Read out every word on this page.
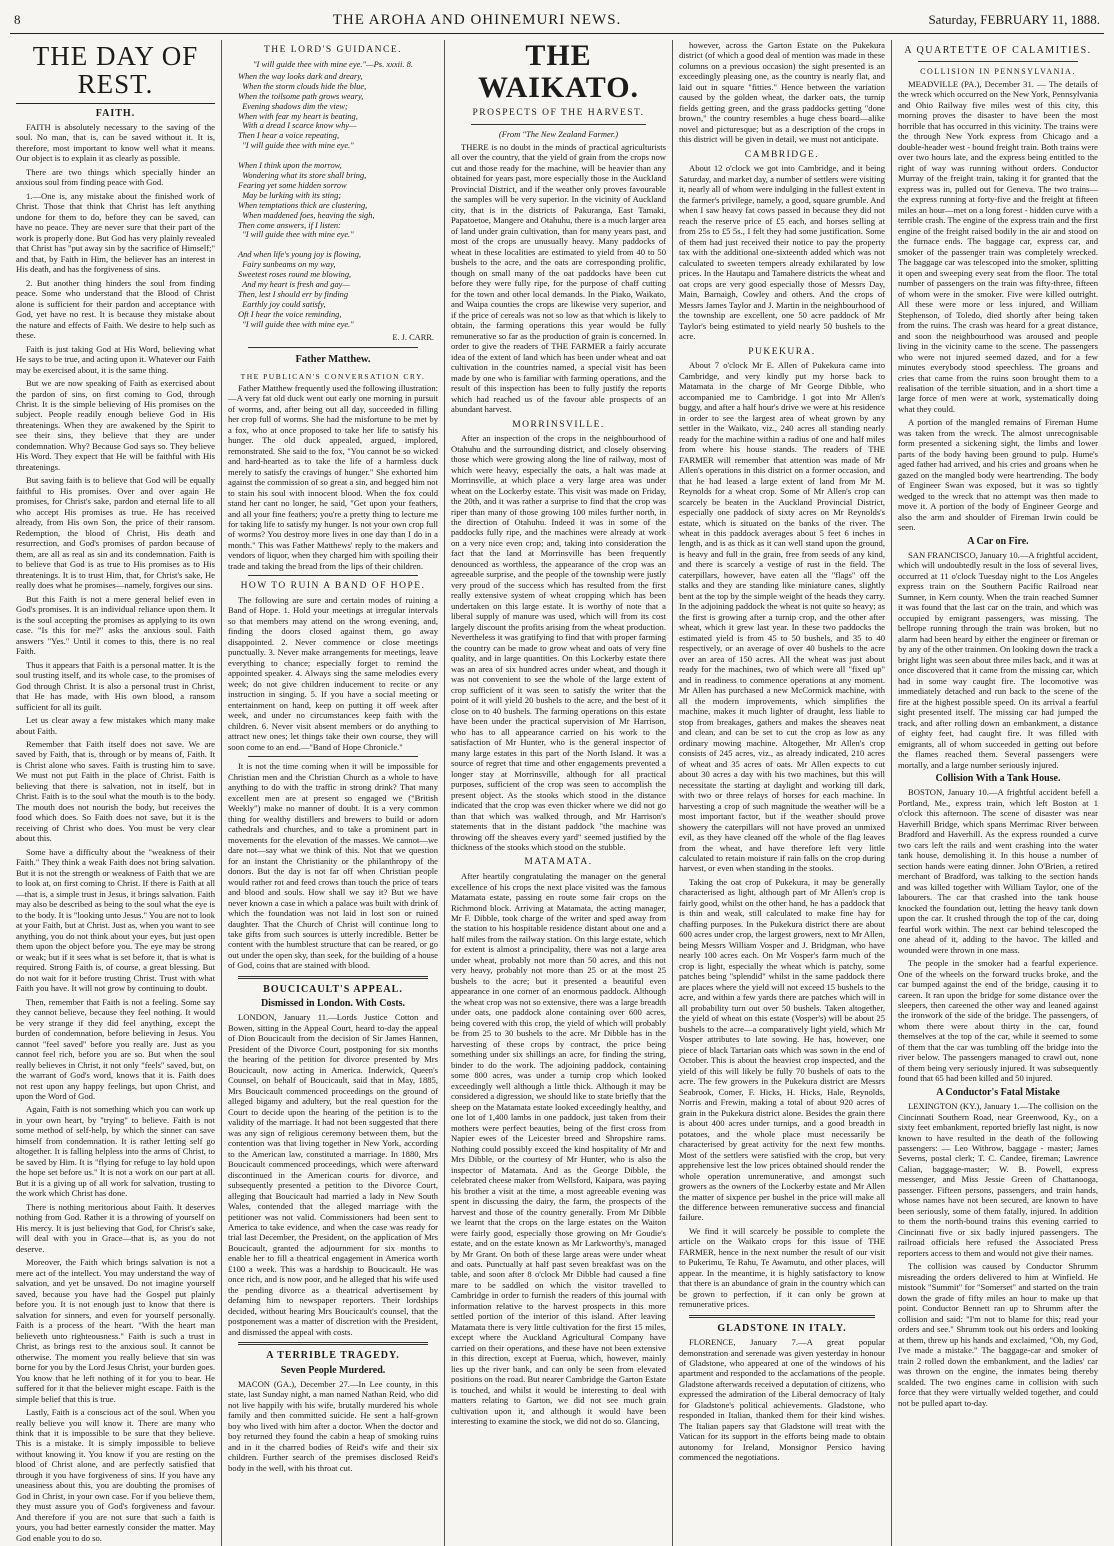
8	THE AROHA AND OHINEMURI NEWS.	Saturday, FEBRUARY 11, 1888.
THE DAY OF REST.
FAITH.

FAITH is absolutely necessary to the saving of the soul. No man, that is, can be saved without it. It is, therefore, most important to know well what it means. Our object is to explain it as clearly as possible.

There are two things which specially hinder an anxious soul from finding peace with God.

1.—One is, any mistake about the finished work of Christ. Those that think that Christ has left anything undone for them to do, before they can be saved, can have no peace. They are never sure that their part of the work is properly done. But God has very plainly revealed that Christ has "put away sin by the sacrifice of Himself;" and that, by Faith in Him, the believer has an interest in His death, and has the forgiveness of sins.

2. But another thing hinders the soul from finding peace. Some who understand that the Blood of Christ alone is sufficient for their pardon and acceptance with God, yet have no rest. It is because they mistake about the nature and effects of Faith. We desire to help such as these.

Faith is just taking God at His Word, believing what He says to be true, and acting upon it. Whatever our Faith may be exercised about, it is the same thing.

But we are now speaking of Faith as exercised about the pardon of sins, on first coming to God, through Christ. It is the simple believing of His promises on the subject. People readily enough believe God in His threatenings. When they are awakened by the Spirit to see their sins, they believe that they are under condemnation. Why? Because God says so. They believe His Word. They expect that He will be faithful with His threatenings.

But saving faith is to believe that God will be equally faithful to His promises. Over and over again He promises, for Christ's sake, pardon and eternal life to all who accept His promises as true. He has received already, from His own Son, the price of their ransom. Redemption, the blood of Christ, His death and resurrection, and God's promises of pardon because of them, are all as real as sin and its condemnation. Faith is to believe that God is as true to His promises as to His threatenings. It is to trust Him, that, for Christ's sake, He really does what he promises—namely, forgives our sins.

But this Faith is not a mere general belief even in God's promises. It is an individual reliance upon them. It is the soul accepting the promises as applying to its own case. "Is this for me?" asks the anxious soul. Faith answers "Yes." Until it comes to this, there is no real Faith.

Thus it appears that Faith is a personal matter. It is the soul trusting itself, and its whole case, to the promises of God through Christ. It is also a personal trust in Christ, that He has made, with His own blood, a ransom sufficient for all its guilt.

Let us clear away a few mistakes which many make about Faith.

Remember that Faith itself does not save. We are saved by Faith, that is, through or by means of, Faith. It is Christ alone who saves. Faith is trusting him to save. We must not put Faith in the place of Christ. Faith is believing that there is salvation, not in itself, but in Christ. Faith is to the soul what the mouth is to the body. The mouth does not nourish the body, but receives the food which does. So Faith does not save, but it is the receiving of Christ who does. You must be very clear about this.

Some have a difficulty about the "weakness of their Faith." They think a weak Faith does not bring salvation. But it is not the strength or weakness of Faith that we are to look at, on first coming to Christ. If there is Faith at all—that is, a simple trust in Jesus, it brings salvation. Faith may also be described as being to the soul what the eye is to the body. It is "looking unto Jesus." You are not to look at your Faith, but at Christ. Just as, when you want to see anything, you do not think about your eyes, but just open them upon the object before you. The eye may be strong or weak; but if it sees what is set before it, that is what is required. Strong Faith is, of course, a great blessing. But do not wait for it before trusting Christ. Trust with what Faith you have. It will not grow by continuing to doubt.

Then, remember that Faith is not a feeling. Some say they cannot believe, because they feel nothing. It would be very strange if they did feel anything, except the burden of condemnation, before believing in Jesus. You cannot "feel saved" before you really are. Just as you cannot feel rich, before you are so. But when the soul really believes in Christ, it not only "feels" saved, but, on the warrant of God's word, knows that it is. Faith does not rest upon any happy feelings, but upon Christ, and upon the Word of God.

Again, Faith is not something which you can work up in your own heart, by "trying" to believe. Faith is not some method of self-help, by which the sinner can save himself from condemnation. It is rather letting self go altogether. It is falling helpless into the arms of Christ, to be saved by Him. It is "flying for refuge to lay hold upon the hope set before us." It is not a work on our part at all. But it is a giving up of all work for salvation, trusting to the work which Christ has done.

There is nothing meritorious about Faith. It deserves nothing from God. Rather it is a throwing of yourself on His mercy. It is just believing that God, for Christ's sake, will deal with you in Grace—that is, as you do not deserve.

Moreover, the Faith which brings salvation is not a mere act of the intellect. You may understand the way of salvation, and yet be unsaved. Do not imagine yourself saved, because you have had the Gospel put plainly before you. It is not enough just to know that there is salvation for sinners, and even for yourself personally. Faith is a process of the heart. "With the heart man believeth unto righteousness." Faith is such a trust in Christ, as brings rest to the anxious soul. It cannot be otherwise. The moment you really believe that sin was borne for you by the Lord Jesus Christ, your burden goes. You know that he left nothing of it for you to bear. He suffered for it that the believer might escape. Faith is the simple belief that this is true.

Lastly, Faith is a conscious act of the soul. When you really believe you will know it. There are many who think that it is impossible to be sure that they believe. This is a mistake. It is simply impossible to believe without knowing it. You know if you are resting on the blood of Christ alone, and are perfectly satisfied that through it you have forgiveness of sins. If you have any uneasiness about this, you are doubting the promises of God in Christ, in your own case. For if you believe them, they must assure you of God's forgiveness and favour. And therefore if you are not sure that such a faith is yours, you had better earnestly consider the matter. May God enable you to do so.

THE LORD'S GUIDANCE.
"I will guide thee with mine eye."—Ps. xxxii. 8.
When the way looks dark and dreary,
When the storm clouds hide the blue,
When the toilsome path grows weary,
Evening shadows dim the view;
When with fear my heart is beating,
With a dread I scarce know why—
Then I hear a voice repeating,
"I will guide thee with mine eye."

When I think upon the morrow,
Wondering what its store shall bring,
Fearing yet some hidden sorrow
May be lurking with its sting;
When temptations thick are clustering,
When maddened foes, heaving the sigh,
Then come answers, if I listen:
"I will guide thee with mine eye."

And when life's young joy is flowing,
Fairy sunbeams on my way,
Sweetest roses round me blowing,
And my heart is fresh and gay—
Then, lest I should err by finding
Earthly joy could satisfy,
Oft I hear the voice reminding,
"I will guide thee with mine eye."
E. J. CARR.
Father Matthew.
THE PUBLICAN'S CONVERSATION CRY.

Father Matthew frequently used the following illustration:—A very fat old duck went out early one morning in pursuit of worms, and, after being out all day, succeeded in filling her crop full of worms. She had the misfortune to be met by a fox, who at once proposed to take her life to satisfy his hunger. The old duck appealed, argued, implored, remonstrated. She said to the fox, "You cannot be so wicked and hard-hearted as to take the life of a harmless duck merely to satisfy the cravings of hunger." She exhorted him against the commission of so great a sin, and begged him not to stain his soul with innocent blood. When the fox could stand her cant no longer, he said, "Get upon your feathers, and all your fine feathers; you're a pretty thing to lecture me for taking life to satisfy my hunger. Is not your own crop full of worms? You destroy more lives in one day than I do in a month." This was Father Matthews' reply to the makers and vendors of liquor, when they charged him with spoiling their trade and taking the bread from the lips of their children.

HOW TO RUIN A BAND OF HOPE.

The following are sure and certain modes of ruining a Band of Hope. 1. Hold your meetings at irregular intervals so that members may attend on the wrong evening, and, finding the doors closed against them, go away disappointed. 2. Never commence or close meetings punctually. 3. Never make arrangements for meetings, leave everything to chance; especially forget to remind the appointed speaker. 4. Always sing the same melodies every week; do not give children inducement to recite or any instruction in singing. 5. If you have a social meeting or entertainment on hand, keep on putting it off week after week, and under no circumstances keep faith with the children. 6. Never visit absent members or do anything to attract new ones; let things take their own course, they will soon come to an end.—"Band of Hope Chronicle."

It is not the time coming when it will be impossible for Christian men and the Christian Church as a whole to have anything to do with the traffic in strong drink? That many excellent men are at present so engaged we ("British Weekly") make no manner of doubt. It is a very common thing for wealthy distillers and brewers to build or adorn cathedrals and churches, and to take a prominent part in movements for the elevation of the masses. We cannot—we dare not—say what we think of this. Not that we question for an instant the Christianity or the philanthropy of the donors. But the day is not far off when Christian people would rather rot and feed crows than touch the price of tears and blood and souls. How shall we say it? But we have never known a case in which a palace was built with drink of which the foundation was not laid in lost son or ruined daughter. That the Church of Christ will continue long to take gifts from such sources is utterly incredible. Better be content with the humblest structure that can be reared, or go out under the open sky, than seek, for the building of a house of God, coins that are stained with blood.

BOUCICAULT'S APPEAL.
Dismissed in London. With Costs.

LONDON, January 11.—Lords Justice Cotton and Bowen, sitting in the Appeal Court, heard to-day the appeal of Dion Boucicault from the decision of Sir James Hannen, President of the Divorce Court, postponing for six months the hearing of the petition for divorce presented by Mrs Boucicault, now acting in America. Inderwick, Queen's Counsel, on behalf of Boucicault, said that in May, 1885, Mrs Boucicault commenced proceedings on the ground of alleged bigamy and adultery, but the real question for the Court to decide upon the hearing of the petition is to the validity of the marriage. It had not been suggested that there was any sign of religious ceremony between them, but the contention was that living together in New York, according to the American law, constituted a marriage. In 1880, Mrs Boucicault commenced proceedings, which were afterward discontinued in the American courts for divorce, and subsequently presented a petition to the Divorce Court, alleging that Boucicault had married a lady in New South Wales, contended that the alleged marriage with the petitioner was not valid. Commissioners had been sent to America to take evidence, and when the case was ready for trial last December, the President, on the application of Mrs Boucicault, granted the adjournment for six months to enable her to fill a theatrical engagement in America worth £100 a week. This was a hardship to Boucicault. He was once rich, and is now poor, and he alleged that his wife used the pending divorce as a theatrical advertisement by defaming him to newspaper reporters. Their lordships decided, without hearing Mrs Boucicault's counsel, that the postponement was a matter of discretion with the President, and dismissed the appeal with costs.

A TERRIBLE TRAGEDY.
Seven People Murdered.

MACON (GA.), December 27.—In Lee county, in this state, last Sunday night, a man named Nathan Reid, who did not live happily with his wife, brutally murdered his whole family and then committed suicide. He sent a half-grown boy who lived with him after a doctor. When the doctor and boy returned they found the cabin a heap of smoking ruins and in it the charred bodies of Reid's wife and their six children. Further search of the premises disclosed Reid's body in the well, with his throat cut.

THE WAIKATO.
PROSPECTS OF THE HARVEST.
(From "The New Zealand Farmer.)

THERE is no doubt in the minds of practical agriculturists all over the country, that the yield of grain from the crops now cut and those ready for the machine, will be heavier than any obtained for years past, more especially those in the Auckland Provincial District, and if the weather only proves favourable the samples will be very superior. In the vicinity of Auckland city, that is in the districts of Pakuranga, East Tamaki, Papatoetoe, Mangere and Otahuhu, there is a much larger area of land under grain cultivation, than for many years past, and most of the crops are unusually heavy. Many paddocks of wheat in these localities are estimated to yield from 40 to 50 bushels to the acre, and the oats are corresponding prolific, though on small many of the oat paddocks have been cut before they were fully ripe, for the purpose of chaff cutting for the town and other local demands. In the Piako, Waikato, and Waipa counties the crops are likewise very superior, and if the price of cereals was not so low as that which is likely to obtain, the farming operations this year would be fully remunerative so far as the production of grain is concerned. In order to give the readers of THE FARMER a fairly accurate idea of the extent of land which has been under wheat and oat cultivation in the countries named, a special visit has been made by one who is familiar with farming operations, and the result of this inspection has been to fully justify the reports which had reached us of the favour able prospects of an abundant harvest.

MORRINSVILLE.

After an inspection of the crops in the neighbourhood of Otahuhu and the surrounding district, and closely observing those which were growing along the line of railway, most of which were heavy, especially the oats, a halt was made at Morrinsville, at which place a very large area was under wheat on the Lockerby estate. This visit was made on Friday, the 20th, and it was rather a surprise to find that the crop was riper than many of those growing 100 miles further north, in the direction of Otahuhu. Indeed it was in some of the paddocks fully ripe, and the machines were already at work on a very nice even crop; and, taking into consideration the fact that the land at Morrinsville has been frequently denounced as worthless, the appearance of the crop was an agreeable surprise, and the people of the township were justly very proud of the success which has resulted from the first really extensive system of wheat cropping which has been undertaken on this large estate. It is worthy of note that a liberal supply of manure was used, which will from its cost largely discount the profits arising from the wheat production. Nevertheless it was gratifying to find that with proper farming the country can be made to grow wheat and oats of very fine quality, and in large quantities. On this Lockerby estate there was an area of six hundred acres under wheat, and though it was not convenient to see the whole of the large extent of crop sufficient of it was seen to satisfy the writer that the point of it will yield 20 bushels to the acre, and the best of it close on to 40 bushels. The farming operations on this estate have been under the practical supervision of Mr Harrison, who has to all appearance carried on his work to the satisfaction of Mr Hunter, who is the general inspector of many large estates in this part of the North Island. It was a source of regret that time and other engagements prevented a longer stay at Morrinsville, although for all practical purposes, sufficient of the crop was seen to accomplish the present object. As the stooks which stood in the distance indicated that the crop was even thicker where we did not go than that which was walked through, and Mr Harrison's statements that in the distant paddock "the machine was throwing off the sheaves every yard" seemed justified by the thickness of the stooks which stood on the stubble.

MATAMATA.

After heartily congratulating the manager on the general excellence of his crops the next place visited was the famous Matamata estate, passing en route some fair crops on the Richmond block. Arriving at Matamata, the acting manager, Mr F. Dibble, took charge of the writer and sped away from the station to his hospitable residence distant about one and a half miles from the railway station. On this large estate, which for extent is almost a principality, there was not a large area under wheat, probably not more than 50 acres, and this not very heavy, probably not more than 25 or at the most 25 bushels to the acre; but it presented a beautiful even appearance in one corner of an enormous paddock. Although the wheat crop was not so extensive, there was a large breadth under oats, one paddock alone containing over 600 acres, being covered with this crop, the yield of which will probably be from 25 to 30 bushels to the acre. Mr Dibble has in the harvesting of these crops by contract, the price being something under six shillings an acre, for finding the string, binder to do the work. The adjoining paddock, containing some 800 acres, was under a turnip crop which looked exceedingly well although a little thick. Although it may be considered a digression, we should like to state briefly that the sheep on the Matamata estate looked exceedingly healthy, and one lot of 1,400 lambs in one paddock, just taken from their mothers were perfect beauties, being of the first cross from Napier ewes of the Leicester breed and Shropshire rams. Nothing could possibly exceed the kind hospitality of Mr and Mrs Dibble, or the courtesy of Mr Hunter, who is also the inspector of Matamata. And as the George Dibble, the celebrated cheese maker from Wellsford, Kaipara, was paying his brother a visit at the time, a most agreeable evening was spent in discussing the dairy, the farm, the prospects of the harvest and those of the country generally. From Mr Dibble we learnt that the crops on the large estates on the Waiton were fairly good, especially those growing on Mr Goudie's estate, and on the estate known as Mr Larkworthy's, managed by Mr Grant. On both of these large areas were under wheat and oats. Punctually at half past seven breakfast was on the table, and soon after 8 o'clock Mr Dibble had caused a fine mare to be saddled on which the visitor travelled to Cambridge in order to furnish the readers of this journal with information relative to the harvest prospects in this more settled portion of the interior of this island. After leaving Matamata there is very little cultivation for the first 15 miles, except where the Auckland Agricultural Company have carried on their operations, and these have not been extensive in this direction, except at Fuerua, which, however, mainly lies up the river bank, and can only be seen from elevated positions on the road. But nearer Cambridge the Garton Estate is touched, and whilst it would be interesting to deal with matters relating to Garton, we did not see much grain cultivation upon it, and although it would have been interesting to examine the stock, we did not do so. Glancing,

however, across the Garton Estate on the Pukekura district (of which a good deal of mention was made in these columns on a previous occasion) the sight presented is an exceedingly pleasing one, as the country is nearly flat, and laid out in square "fitties." Hence between the variation caused by the golden wheat, the darker oats, the turnip fields getting green, and the grass paddocks getting "done brown," the country resembles a huge chess board—alike novel and picturesque; but as a description of the crops in this district will be given in detail, we must not anticipate.

CAMBRIDGE.

About 12 o'clock we got into Cambridge, and it being Saturday, and market day, a number of settlers were visiting it, nearly all of whom were indulging in the fullest extent in the farmer's privilege, namely, a good, square grumble. And when I saw heavy fat cows passed in because they did not reach the reserve price of £5 each, and horses selling at from 25s to £5 5s., I felt they had some justification. Some of them had just received their notice to pay the property tax with the additional one-sixteenth added which was not calculated to sweeten tempers already exhilarated by low prices. In the Hautapu and Tamahere districts the wheat and oat crops are very good especially those of Messrs Day, Main, Barnaigh, Cowley and others. And the crops of Messrs James Taylor and J. Martin in the neighbourhood of the township are excellent, one 50 acre paddock of Mr Taylor's being estimated to yield nearly 50 bushels to the acre.

PUKEKURA.

About 7 o'clock Mr E. Allen of Pukekura came into Cambridge, and very kindly put my horse back to Matamata in the charge of Mr George Dibble, who accompanied me to Cambridge. I got into Mr Allen's buggy, and after a half hour's drive we were at his residence in order to see the largest area of wheat grown by any settler in the Waikato, viz., 240 acres all standing nearly ready for the machine within a radius of one and half miles from where his house stands. The readers of THE FARMER will remember that attention was made of Mr Allen's operations in this district on a former occasion, and that he had leased a large extent of land from Mr M. Reynolds for a wheat crop. Some of Mr Allen's crop can scarcely be beaten in the Auckland Provincial District, especially one paddock of sixty acres on Mr Reynolds's estate, which is situated on the banks of the river. The wheat in this paddock averages about 5 feet 6 inches in length, and is as thick as it can well stand upon the ground, is heavy and full in the grain, free from seeds of any kind, and there is scarcely a vestige of rust in the field. The caterpillars, however, have eaten all the "flags" off the stalks and they are standing like miniature canes, slightly bent at the top by the simple weight of the heads they carry. In the adjoining paddock the wheat is not quite so heavy; as the first is growing after a turnip crop, and the other after wheat, which it grew last year. In these two paddocks the estimated yield is from 45 to 50 bushels, and 35 to 40 respectively, or an average of over 40 bushels to the acre over an area of 150 acres. All the wheat was just about ready for the machines, two of which were all "fixed up" and in readiness to commence operations at any moment. Mr Allen has purchased a new McCormick machine, with all the modern improvements, which simplifies the machine, makes it much lighter of draught, less liable to stop from breakages, gathers and makes the sheaves neat and clean, and can be set to cut the crop as low as any ordinary mowing machine. Altogether, Mr Allen's crop consists of 245 acres, viz., as already indicated, 210 acres of wheat and 35 acres of oats. Mr Allen expects to cut about 30 acres a day with his two machines, but this will necessitate the starting at daylight and working till dark, with two or three relays of horses for each machine. In harvesting a crop of such magnitude the weather will be a most important factor, but if the weather should prove showery the caterpillars will not have proved an unmixed evil, as they have cleaned off the whole of the flag leaves from the wheat, and have therefore left very little calculated to retain moisture if rain falls on the crop during harvest, or even when standing in the stooks.

Taking the oat crop of Pukekura, it may be generally characterised as light, although part of Mr Allen's crop is fairly good, whilst on the other hand, he has a paddock that is thin and weak, still calculated to make fine hay for chaffing purposes. In the Pukekura district there are about 600 acres under crop, the largest growers, next to Mr Allen, being Messrs William Vosper and J. Bridgman, who have nearly 100 acres each. On Mr Vosper's farm much of the crop is light, especially the wheat which is patchy, some patches being "splendid" whilst in the same paddock there are places where the yield will not exceed 15 bushels to the acre, and within a few yards there are patches which will in all probability turn out over 50 bushels. Taken altogether, the yield of wheat on this estate (Vosper's) will be about 25 bushels to the acre—a comparatively light yield, which Mr Vosper attributes to late sowing. He has, however, one piece of black Tartarian oats which was sown in the end of October. This is about the heaviest crop inspected, and the yield of this will likely be fully 70 bushels of oats to the acre. The few growers in the Pukekura district are Messrs Seabrook, Comer, F. Hicks, H. Hicks, Hale, Reynolds, Norris and Frewin, making a total of about 920 acres of grain in the Pukekura district alone. Besides the grain there is about 400 acres under turnips, and a good breadth in potatoes, and the whole place must necessarily be characterised by great activity for the next few months. Most of the settlers were satisfied with the crop, but very apprehensive lest the low prices obtained should render the whole operation unremunerative, and amongst such growers as the owners of the Lockerby estate and Mr Allen the matter of sixpence per bushel in the price will make all the difference between remunerative success and financial failure.

We find it will scarcely be possible to complete the article on the Waikato crops for this issue of THE FARMER, hence in the next number the result of our visit to Pukerimu, Te Rahu, Te Awamutu, and other places, will appear. In the meantime, it is highly satisfactory to know that there is an abundance of grain in the country which can be grown to perfection, if it can only be grown at remunerative prices.

GLADSTONE IN ITALY.

FLORENCE, January 7.—A great popular demonstration and serenade was given yesterday in honour of Gladstone, who appeared at one of the windows of his apartment and responded to the acclamations of the people. Gladstone afterwards received a deputation of citizens, who expressed the admiration of the Liberal democracy of Italy for Gladstone's political achievements. Gladstone, who responded in Italian, thanked them for their kind wishes. The Italian papers say that Gladstone will treat with the Vatican for its support in the efforts being made to obtain autonomy for Ireland, Monsignor Persico having commenced the negotiations.

A QUARTETTE OF CALAMITIES.
COLLISION IN PENNSYLVANIA.

MEADVILLE (PA.), December 31. — The details of the wreck which occurred on the New York, Pennsylvania and Ohio Railway five miles west of this city, this morning proves the disaster to have been the most horrible that has occurred in this vicinity. The trains were the through New York express from Chicago and a double-header west - bound freight train. Both trains were over two hours late, and the express being entitled to the right of way was running without orders. Conductor Murray of the freight train, taking it for granted that the express was in, pulled out for Geneva. The two trains—the express running at forty-five and the freight at fifteen miles an hour—met on a long forest - hidden curve with a terrible crash. The engine of the express train and the first engine of the freight raised bodily in the air and stood on the furnace ends. The baggage car, express car, and smoker of the passenger train was completely wrecked. The baggage car was telescoped into the smoker, splitting it open and sweeping every seat from the floor. The total number of passengers on the train was fifty-three, fifteen of whom were in the smoker. Five were killed outright. All these were more or less injured, and William Stephenson, of Toledo, died shortly after being taken from the ruins. The crash was heard for a great distance, and soon the neighbourhood was aroused and people living in the vicinity came to the scene. The passengers who were not injured seemed dazed, and for a few minutes everybody stood speechless. The groans and cries that came from the ruins soon brought them to a realisation of the terrible situation, and in a short time a large force of men were at work, systematically doing what they could.

A portion of the mangled remains of Fireman Hume was taken from the wreck. The almost unrecognisable form presented a sickening sight, the limbs and lower parts of the body having been ground to pulp. Hume's aged father had arrived, and his cries and groans when he gazed on the mangled body were heartrending. The body of Engineer Swan was exposed, but it was so tightly wedged to the wreck that no attempt was then made to move it. A portion of the body of Engineer George and also the arm and shoulder of Fireman Irwin could be seen.

A Car on Fire.

SAN FRANCISCO, January 10.—A frightful accident, which will undoubtedly result in the loss of several lives, occurred at 11 o'clock Tuesday night to the Los Angeles express train on the Southern Pacific Railroad near Sumner, in Kern county. When the train reached Sumner it was found that the last car on the train, and which was occupied by emigrant passengers, was missing. The bellrope running through the train was broken, but no alarm had been heard by either the engineer or fireman or by any of the other trainmen. On looking down the track a bright light was seen about three miles back, and it was at once discovered that it came from the missing car, which had in some way caught fire. The locomotive was immediately detached and run back to the scene of the fire at the highest possible speed. On its arrival a fearful sight presented itself. The missing car had jumped the track, and after rolling down an embankment, a distance of eighty feet, had caught fire. It was filled with emigrants, all of whom succeeded in getting out before the flames reached them. Several passengers were mortally, and a large number seriously injured.

Collision With a Tank House.

BOSTON, January 10.—A frightful accident befell a Portland, Me., express train, which left Boston at 1 o'clock this afternoon. The scene of disaster was near Haverhill Bridge, which spans Merrimac River between Bradford and Haverhill. As the express rounded a curve two cars left the rails and went crashing into the water tank house, demolishing it. In this house a number of section hands were eating dinner. John O'Brien, a retired merchant of Bradford, was talking to the section hands and was killed together with William Taylor, one of the labourers. The car that crashed into the tank house knocked the foundation out, letting the heavy tank down upon the car. It crushed through the top of the car, doing fearful work within. The next car behind telescoped the one ahead of it, adding to the havoc. The killed and wounded were thrown in one mass.

The people in the smoker had a fearful experience. One of the wheels on the forward trucks broke, and the car bumped against the end of the bridge, causing it to careen. It ran upon the bridge for some distance over the sleepers, then careened the other way and leaned against the ironwork of the side of the bridge. The passengers, of whom there were about thirty in the car, found themselves at the top of the car, while it seemed to some of them that the car was tumbling off the bridge into the river below. The passengers managed to crawl out, none of them being very seriously injured. It was subsequently found that 65 had been killed and 50 injured.

A Conductor's Fatal Mistake

LEXINGTON (KY.), January 1.—The collision on the Cincinnati Southern Road, near Greenwood, Ky., on a sixty feet embankment, reported briefly last night, is now known to have resulted in the death of the following passengers: — Leo Withrow, baggage - master; James Severns, postal clerk; T. C. Candee, fireman; Lawrence Calian, baggage-master; W. B. Powell, express messenger, and Miss Jessie Green of Chattanooga, passenger. Fifteen persons, passengers, and train hands, whose names have not been secured, are known to have been seriously, some of them fatally, injured. In addition to them the north-bound trains this evening carried to Cincinnati five or six badly injured passengers. The railroad officials here refused the Associated Press reporters access to them and would not give their names.

The collision was caused by Conductor Shrumm misreading the orders delivered to him at Winfield. He mistook "Summit" for "Somerset" and started on the train down the grade of fifty miles an hour to make up that point. Conductor Bennett ran up to Shrumm after the collision and said: "I'm not to blame for this; read your orders and see." Shrumm took out his orders and looking at them, threw up his hands and exclaimed, "Oh, my God, I've made a mistake." The baggage-car and smoker of train 2 rolled down the embankment, and the ladies' car was thrown on the engine, the inmates being thereby scalded. The two engines came in collision with such force that they were virtually welded together, and could not be pulled apart to-day.
